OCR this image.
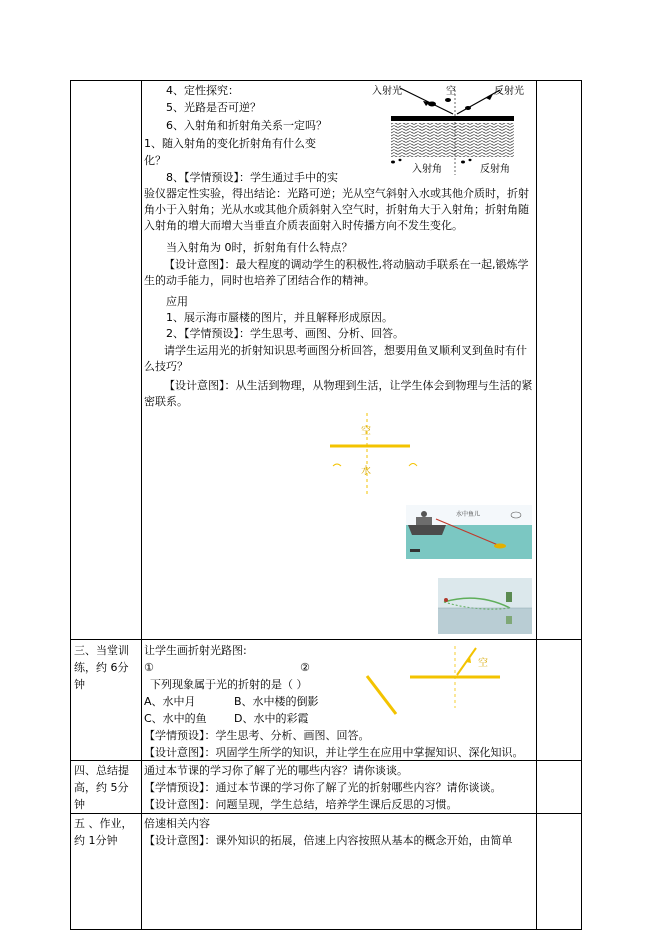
4、定性探究：
5、光路是否可逆？
6、入射角和折射角关系一定吗？
1、随入射角的变化折射角有什么变
化？
入射光	空	反射光
入射角	反射角
8、【学情预设】：学生通过手中的实
验仪器定性实验，得出结论：光路可逆；光从空气斜射入水或其他介质时，折射角小于入射角；光从水或其他介质斜射入空气时，折射角大于入射角；折射角随入射角的增大而增大当垂直介质表面射入时传播方向不发生变化。
当入射角为 0时，折射角有什么特点？
【设计意图】：最大程度的调动学生的积极性,将动脑动手联系在一起,锻炼学生的动手能力，同时也培养了团结合作的精神。
应用
1、展示海市蜃楼的图片，并且解释形成原因。
2、【学情预设】：学生思考、画图、分析、回答。
请学生运用光的折射知识思考画图分析回答，想要用鱼叉顺利叉到鱼时有什么技巧？
【设计意图】：从生活到物理，从物理到生活，让学生体会到物理与生活的紧密联系。
空
水
水中鱼儿
三、当堂训
练，约 6分
钟
让学生画折射光路图:
①	②
下列现象属于光的折射的是（ ）
A、水中月	B、水中楼的倒影
C、水中的鱼 D、水中的彩霞
【学情预设】：学生思考、分析、画图、回答。
【设计意图】：巩固学生所学的知识，并让学生在应用中掌握知识、深化知识。
空
四、总结提
高，约 5分
钟
通过本节课的学习你了解了光的哪些内容？请你谈谈。
【学情预设】：通过本节课的学习你了解了光的折射哪些内容？请你谈谈。
【设计意图】：问题呈现，学生总结，培养学生课后反思的习惯。
五 、作业，
约 1分钟
倍速相关内容
【设计意图】：课外知识的拓展，倍速上内容按照从基本的概念开始，由简单
